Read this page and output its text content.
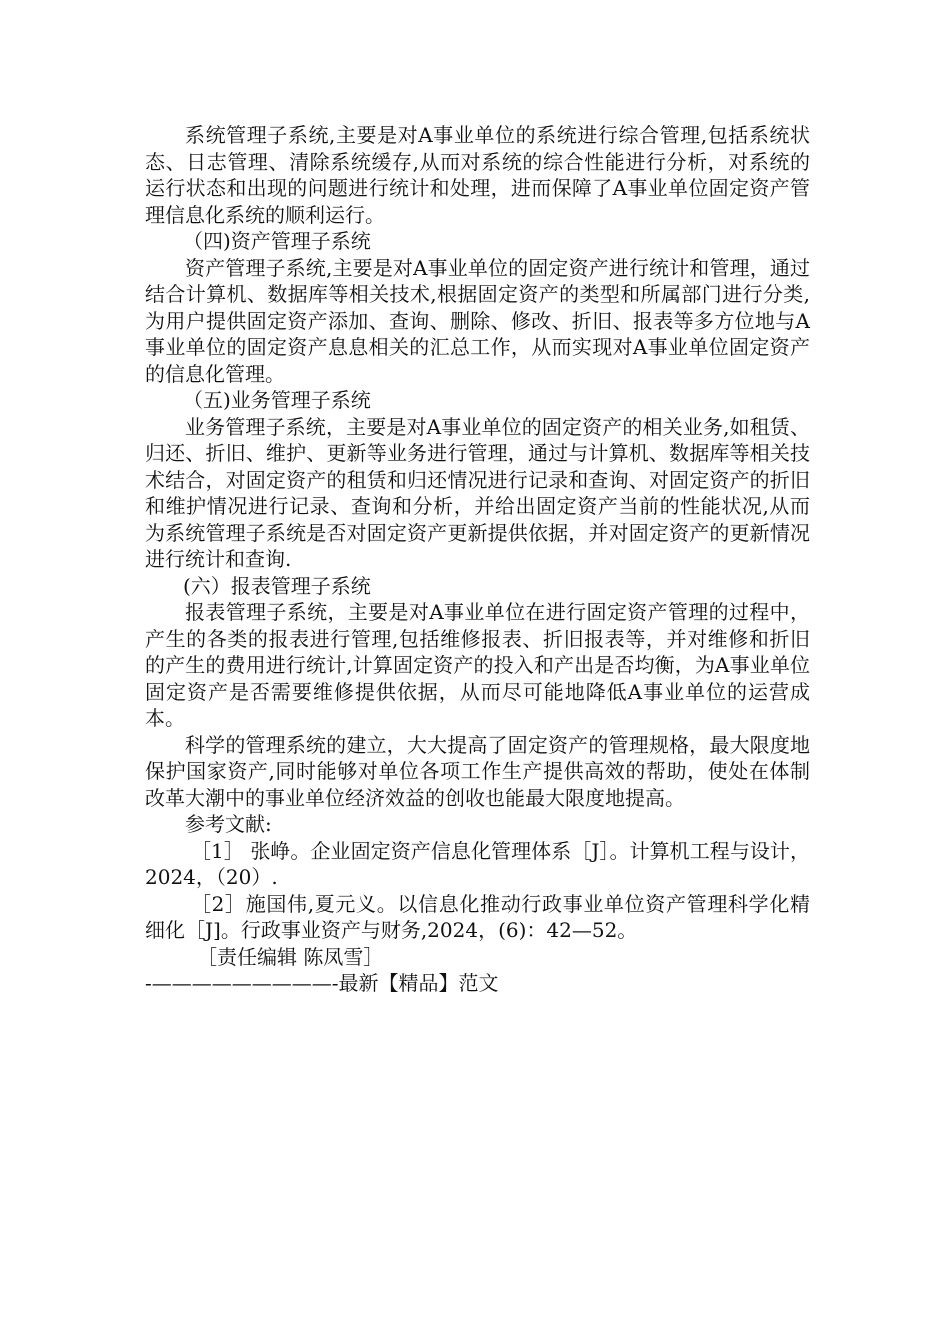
系统管理子系统,主要是对A事业单位的系统进行综合管理,包括系统状态、日志管理、清除系统缓存,从而对系统的综合性能进行分析，对系统的运行状态和出现的问题进行统计和处理，进而保障了A事业单位固定资产管理信息化系统的顺利运行。

（四)资产管理子系统

资产管理子系统,主要是对A事业单位的固定资产进行统计和管理，通过结合计算机、数据库等相关技术,根据固定资产的类型和所属部门进行分类,为用户提供固定资产添加、查询、删除、修改、折旧、报表等多方位地与A事业单位的固定资产息息相关的汇总工作，从而实现对A事业单位固定资产的信息化管理。

（五)业务管理子系统

业务管理子系统，主要是对A事业单位的固定资产的相关业务,如租赁、归还、折旧、维护、更新等业务进行管理，通过与计算机、数据库等相关技术结合，对固定资产的租赁和归还情况进行记录和查询、对固定资产的折旧和维护情况进行记录、查询和分析，并给出固定资产当前的性能状况,从而为系统管理子系统是否对固定资产更新提供依据，并对固定资产的更新情况进行统计和查询.

(六）报表管理子系统

报表管理子系统，主要是对A事业单位在进行固定资产管理的过程中，产生的各类的报表进行管理,包括维修报表、折旧报表等，并对维修和折旧的产生的费用进行统计,计算固定资产的投入和产出是否均衡，为A事业单位固定资产是否需要维修提供依据，从而尽可能地降低A事业单位的运营成本。

科学的管理系统的建立，大大提高了固定资产的管理规格，最大限度地保护国家资产,同时能够对单位各项工作生产提供高效的帮助，使处在体制改革大潮中的事业单位经济效益的创收也能最大限度地提高。

参考文献:

［1］ 张峥。企业固定资产信息化管理体系［J］。计算机工程与设计，2024，（20）.

［2］施国伟,夏元义。以信息化推动行政事业单位资产管理科学化精细化［J]。行政事业资产与财务,2024，(6)：42—52。

［责任编辑 陈凤雪］

-—————————-最新【精品】范文
